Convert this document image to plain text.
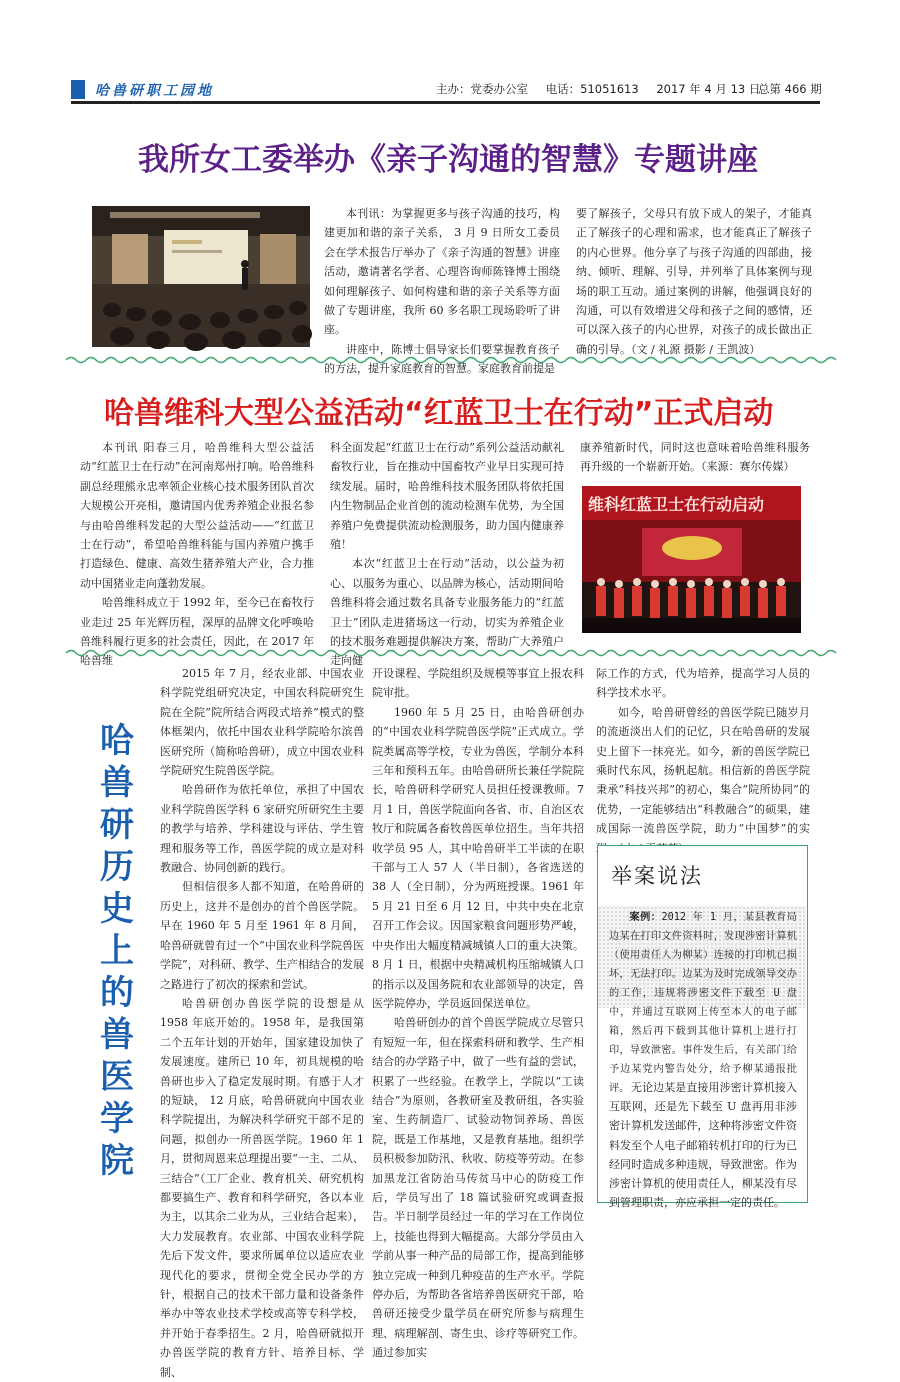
哈兽研职工园地	主办：党委办公室 电话：51051613 2017 年 4 月 13 日
总第 466 期
我所女工委举办《亲子沟通的智慧》专题讲座

本刊讯：为掌握更多与孩子沟通的技巧，构建更加和谐的亲子关系， 3 月 9 日所女工委员会在学术报告厅举办了《亲子沟通的智慧》讲座活动，邀请著名学者、心理咨询师陈锋博士围绕如何理解孩子、如何构建和谐的亲子关系等方面做了专题讲座，我所 60 多名职工现场聆听了讲座。

讲座中，陈博士倡导家长们要掌握教育孩子的方法，提升家庭教育的智慧。家庭教育前提是

要了解孩子，父母只有放下成人的架子，才能真正了解孩子的心理和需求，也才能真正了解孩子的内心世界。他分享了与孩子沟通的四部曲，接纳、倾听、理解、引导，并列举了具体案例与现场的职工互动。通过案例的讲解，他强调良好的沟通，可以有效增进父母和孩子之间的感情，还可以深入孩子的内心世界，对孩子的成长做出正确的引导。（文 / 礼源 摄影 / 王凯波）

哈兽维科大型公益活动“红蓝卫士在行动”正式启动

本刊讯 阳春三月，哈兽维科大型公益活动“红蓝卫士在行动”在河南郑州打响。哈兽维科副总经理熊永忠率领企业核心技术服务团队首次大规模公开亮相，邀请国内优秀养殖企业报名参与由哈兽维科发起的大型公益活动——“红蓝卫士在行动”，希望哈兽维科能与国内养殖户携手打造绿色、健康、高效生猪养殖大产业，合力推动中国猪业走向蓬勃发展。

哈兽维科成立于 1992 年，至今已在畜牧行业走过 25 年光辉历程，深厚的品牌文化呼唤哈兽维科履行更多的社会责任，因此，在 2017 年哈兽维

科全面发起“红蓝卫士在行动”系列公益活动献礼畜牧行业，旨在推动中国畜牧产业早日实现可持续发展。届时，哈兽维科技术服务团队将依托国内生物制品企业首创的流动检测车优势，为全国养殖户免费提供流动检测服务，助力国内健康养殖！

本次“红蓝卫士在行动”活动，以公益为初心、以服务为重心、以品牌为核心，活动期间哈兽维科将会通过数名具备专业服务能力的“红蓝卫士”团队走进猪场这一行动，切实为养殖企业的技术服务难题提供解决方案，帮助广大养殖户走向健

康养殖新时代，同时这也意味着哈兽维科服务再升级的一个崭新开始。（来源：赛尔传媒）

维科红蓝卫士在行动启动
哈
兽
研
历
史
上
的
兽
医
学
院

2015 年 7 月，经农业部、中国农业科学院党组研究决定，中国农科院研究生院在全院“院所结合两段式培养”模式的整体框架内，依托中国农业科学院哈尔滨兽医研究所（简称哈兽研），成立中国农业科学院研究生院兽医学院。

哈兽研作为依托单位，承担了中国农业科学院兽医学科 6 家研究所研究生主要的教学与培养、学科建设与评估、学生管理和服务等工作，兽医学院的成立是对科教融合、协同创新的践行。

但相信很多人都不知道，在哈兽研的历史上，这并不是创办的首个兽医学院。早在 1960 年 5 月至 1961 年 8 月间，哈兽研就曾有过一个“中国农业科学院兽医学院”，对科研、教学、生产相结合的发展之路进行了初次的探索和尝试。

哈兽研创办兽医学院的设想是从 1958 年底开始的。1958 年，是我国第二个五年计划的开始年，国家建设加快了发展速度。建所已 10 年，初具规模的哈兽研也步入了稳定发展时期。有感于人才的短缺， 12 月底，哈兽研就向中国农业科学院提出，为解决科学研究干部不足的问题，拟创办一所兽医学院。1960 年 1 月，贯彻周恩来总理提出要“一主、二从、三结合”（工厂企业、教育机关、研究机构都要搞生产、教育和科学研究，各以本业为主，以其余二业为从，三业结合起来），大力发展教育。农业部、中国农业科学院先后下发文件，要求所属单位以适应农业现代化的要求，贯彻全党全民办学的方针，根据自己的技术干部力量和设备条件举办中等农业技术学校或高等专科学校，并开始于春季招生。2 月，哈兽研就拟开办兽医学院的教育方针、培养目标、学制、

开设课程、学院组织及规模等事宜上报农科院审批。

1960 年 5 月 25 日，由哈兽研创办的“中国农业科学院兽医学院”正式成立。学院类属高等学校，专业为兽医，学制分本科三年和预科五年。由哈兽研所长兼任学院院长，哈兽研科学研究人员担任授课教师。7 月 1 日，兽医学院面向各省、市、自治区农牧厅和院属各畜牧兽医单位招生。当年共招收学员 95 人，其中哈兽研半工半读的在职干部与工人 57 人（半日制），各省选送的 38 人（全日制），分为两班授课。1961 年 5 月 21 日至 6 月 12 日，中共中央在北京召开工作会议。因国家粮食问题形势严峻，中央作出大幅度精减城镇人口的重大决策。8 月 1 日，根据中央精减机构压缩城镇人口的指示以及国务院和农业部领导的决定，兽医学院停办，学员返回保送单位。

哈兽研创办的首个兽医学院成立尽管只有短短一年，但在探索科研和教学、生产相结合的办学路子中，做了一些有益的尝试，积累了一些经验。在教学上，学院以“工读结合”为原则，各教研室及教研组，各实验室、生药制造厂、试验动物饲养场、兽医院，既是工作基地，又是教育基地。组织学员积极参加防汛、秋收、防疫等劳动。在参加黑龙江省防治马传贫马中心的防疫工作后，学员写出了 18 篇试验研究或调查报告。半日制学员经过一年的学习在工作岗位上，技能也得到大幅提高。大部分学员由入学前从事一种产品的局部工作，提高到能够独立完成一种到几种疫苗的生产水平。学院停办后，为帮助各省培养兽医研究干部，哈兽研还接受少量学员在研究所参与病理生理、病理解剖、寄生虫、诊疗等研究工作。通过参加实

际工作的方式，代为培养，提高学习人员的科学技术水平。

如今，哈兽研曾经的兽医学院已随岁月的流逝淡出人们的记忆，只在哈兽研的发展史上留下一抹亮光。如今，新的兽医学院已乘时代东风，扬帆起航。相信新的兽医学院秉承“科技兴邦”的初心，集合“院所协同”的优势，一定能够结出“科教融合”的硕果，建成国际一流兽医学院，助力“中国梦”的实

举案说法

案例：2012 年 1 月，某县教育局边某在打印文件资料时，发现涉密计算机（使用责任人为柳某）连接的打印机已损坏，无法打印。边某为及时完成领导交办的工作，违规将涉密文件下载至 U 盘中，并通过互联网上传至本人的电子邮箱，然后再下载到其他计算机上进行打印，导致泄密。事件发生后，有关部门给予边某党内警告处分，给予柳某通报批评。 无论边某是直接用涉密计算机接入互联网，还是先下载至 U 盘再用非涉密计算机发送邮件，这种将涉密文件资料发至个人电子邮箱转机打印的行为已经同时造成多种违规，导致泄密。作为涉密计算机的使用责任人，柳某没有尽到管理职责，亦应承担一定的责任。
